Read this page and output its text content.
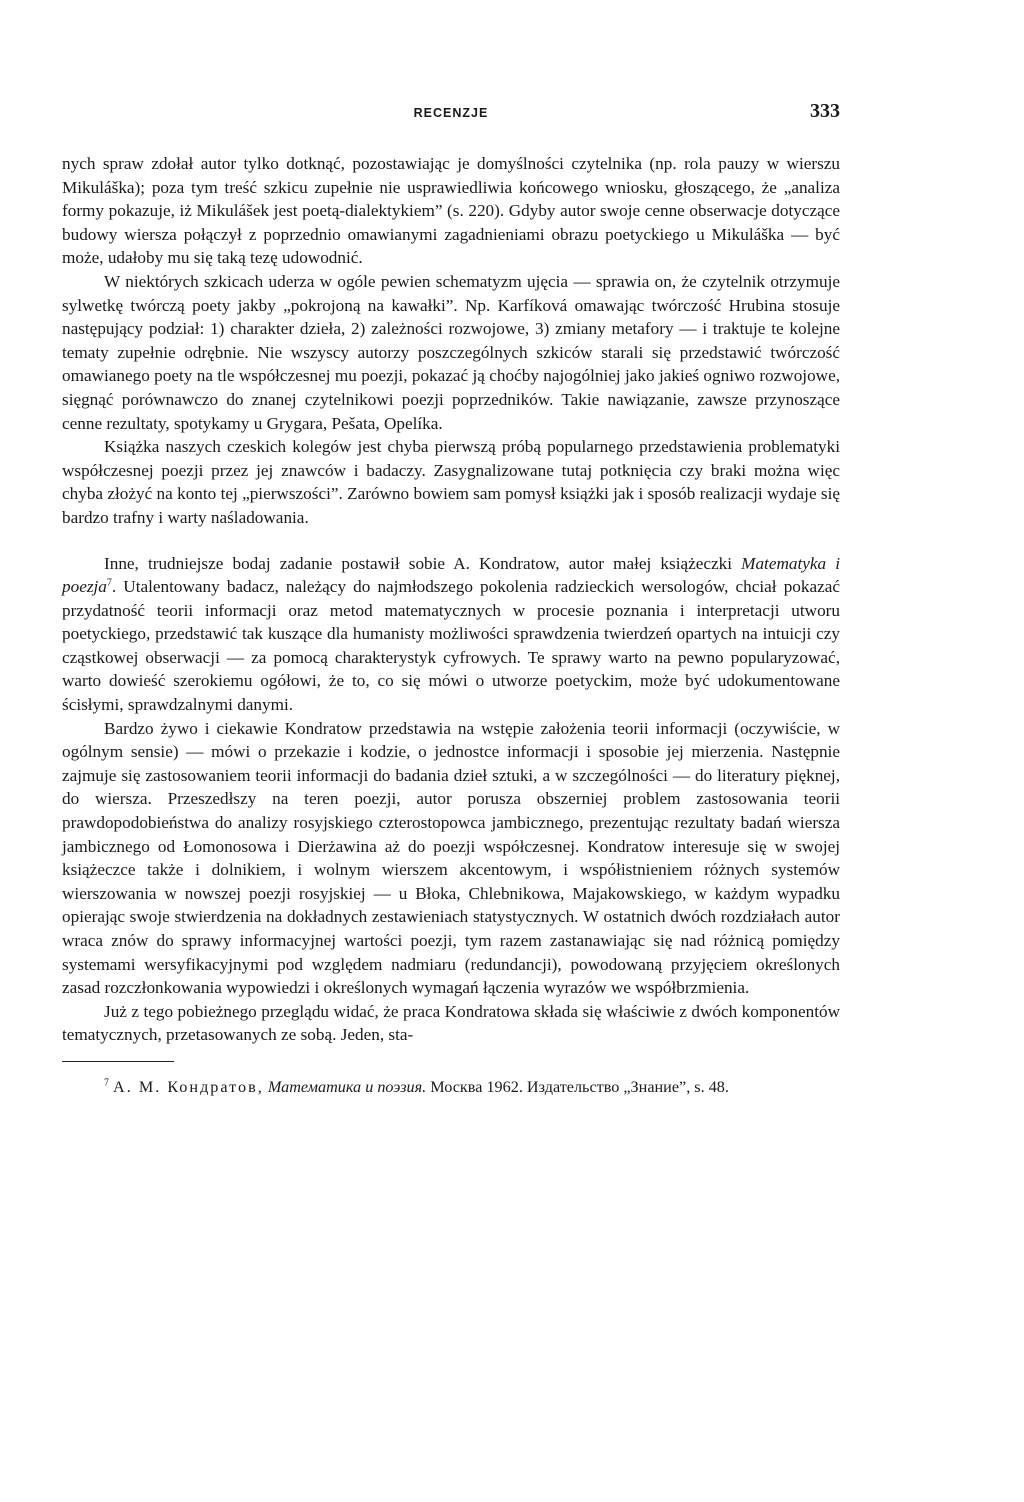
RECENZJE	333

nych spraw zdołał autor tylko dotknąć, pozostawiając je domyślności czytelnika (np. rola pauzy w wierszu Mikuláška); poza tym treść szkicu zupełnie nie usprawiedliwia końcowego wniosku, głoszącego, że „analiza formy pokazuje, iż Mikulášek jest poetą-dialektykiem” (s. 220). Gdyby autor swoje cenne obserwacje dotyczące budowy wiersza połączył z poprzednio omawianymi zagadnieniami obrazu poetyckiego u Mikuláška — być może, udałoby mu się taką tezę udowodnić.

W niektórych szkicach uderza w ogóle pewien schematyzm ujęcia — sprawia on, że czytelnik otrzymuje sylwetkę twórczą poety jakby „pokrojoną na kawałki”. Np. Karfíková omawając twórczość Hrubina stosuje następujący podział: 1) charakter dzieła, 2) zależności rozwojowe, 3) zmiany metafory — i traktuje te kolejne tematy zupełnie odrębnie. Nie wszyscy autorzy poszczególnych szkiców starali się przedstawić twórczość omawianego poety na tle współczesnej mu poezji, pokazać ją choćby najogólniej jako jakieś ogniwo rozwojowe, sięgnąć porównawczo do znanej czytelnikowi poezji poprzedników. Takie nawiązanie, zawsze przynoszące cenne rezultaty, spotykamy u Grygara, Pešata, Opelíka.

Książka naszych czeskich kolegów jest chyba pierwszą próbą popularnego przedstawienia problematyki współczesnej poezji przez jej znawców i badaczy. Zasygnalizowane tutaj potknięcia czy braki można więc chyba złożyć na konto tej „pierwszości”. Zarówno bowiem sam pomysł książki jak i sposób realizacji wydaje się bardzo trafny i warty naśladowania.

Inne, trudniejsze bodaj zadanie postawił sobie A. Kondratow, autor małej książeczki Matematyka i poezja$^7$. Utalentowany badacz, należący do najmłodszego pokolenia radzieckich wersologów, chciał pokazać przydatność teorii informacji oraz metod matematycznych w procesie poznania i interpretacji utworu poetyckiego, przedstawić tak kuszące dla humanisty możliwości sprawdzenia twierdzeń opartych na intuicji czy cząstkowej obserwacji — za pomocą charakterystyk cyfrowych. Te sprawy warto na pewno popularyzować, warto dowieść szerokiemu ogółowi, że to, co się mówi o utworze poetyckim, może być udokumentowane ścisłymi, sprawdzalnymi danymi.

Bardzo żywo i ciekawie Kondratow przedstawia na wstępie założenia teorii informacji (oczywiście, w ogólnym sensie) — mówi o przekazie i kodzie, o jednostce informacji i sposobie jej mierzenia. Następnie zajmuje się zastosowaniem teorii informacji do badania dzieł sztuki, a w szczególności — do literatury pięknej, do wiersza. Przeszedłszy na teren poezji, autor porusza obszerniej problem zastosowania teorii prawdopodobieństwa do analizy rosyjskiego czterostopowca jambicznego, prezentując rezultaty badań wiersza jambicznego od Łomonosowa i Dierżawina aż do poezji współczesnej. Kondratow interesuje się w swojej książeczce także i dolnikiem, i wolnym wierszem akcentowym, i współistnieniem różnych systemów wierszowania w nowszej poezji rosyjskiej — u Błoka, Chlebnikowa, Majakowskiego, w każdym wypadku opierając swoje stwierdzenia na dokładnych zestawieniach statystycznych. W ostatnich dwóch rozdziałach autor wraca znów do sprawy informacyjnej wartości poezji, tym razem zastanawiając się nad różnicą pomiędzy systemami wersyfikacyjnymi pod względem nadmiaru (redundancji), powodowaną przyjęciem określonych zasad rozczłonkowania wypowiedzi i określonych wymagań łączenia wyrazów we współbrzmienia.

Już z tego pobieżnego przeglądu widać, że praca Kondratowa składa się właściwie z dwóch komponentów tematycznych, przetasowanych ze sobą. Jeden, sta-

$^7$ А. М. Кондратов, Математика и поэзия. Москва 1962. Издательство „Знание”, s. 48.
